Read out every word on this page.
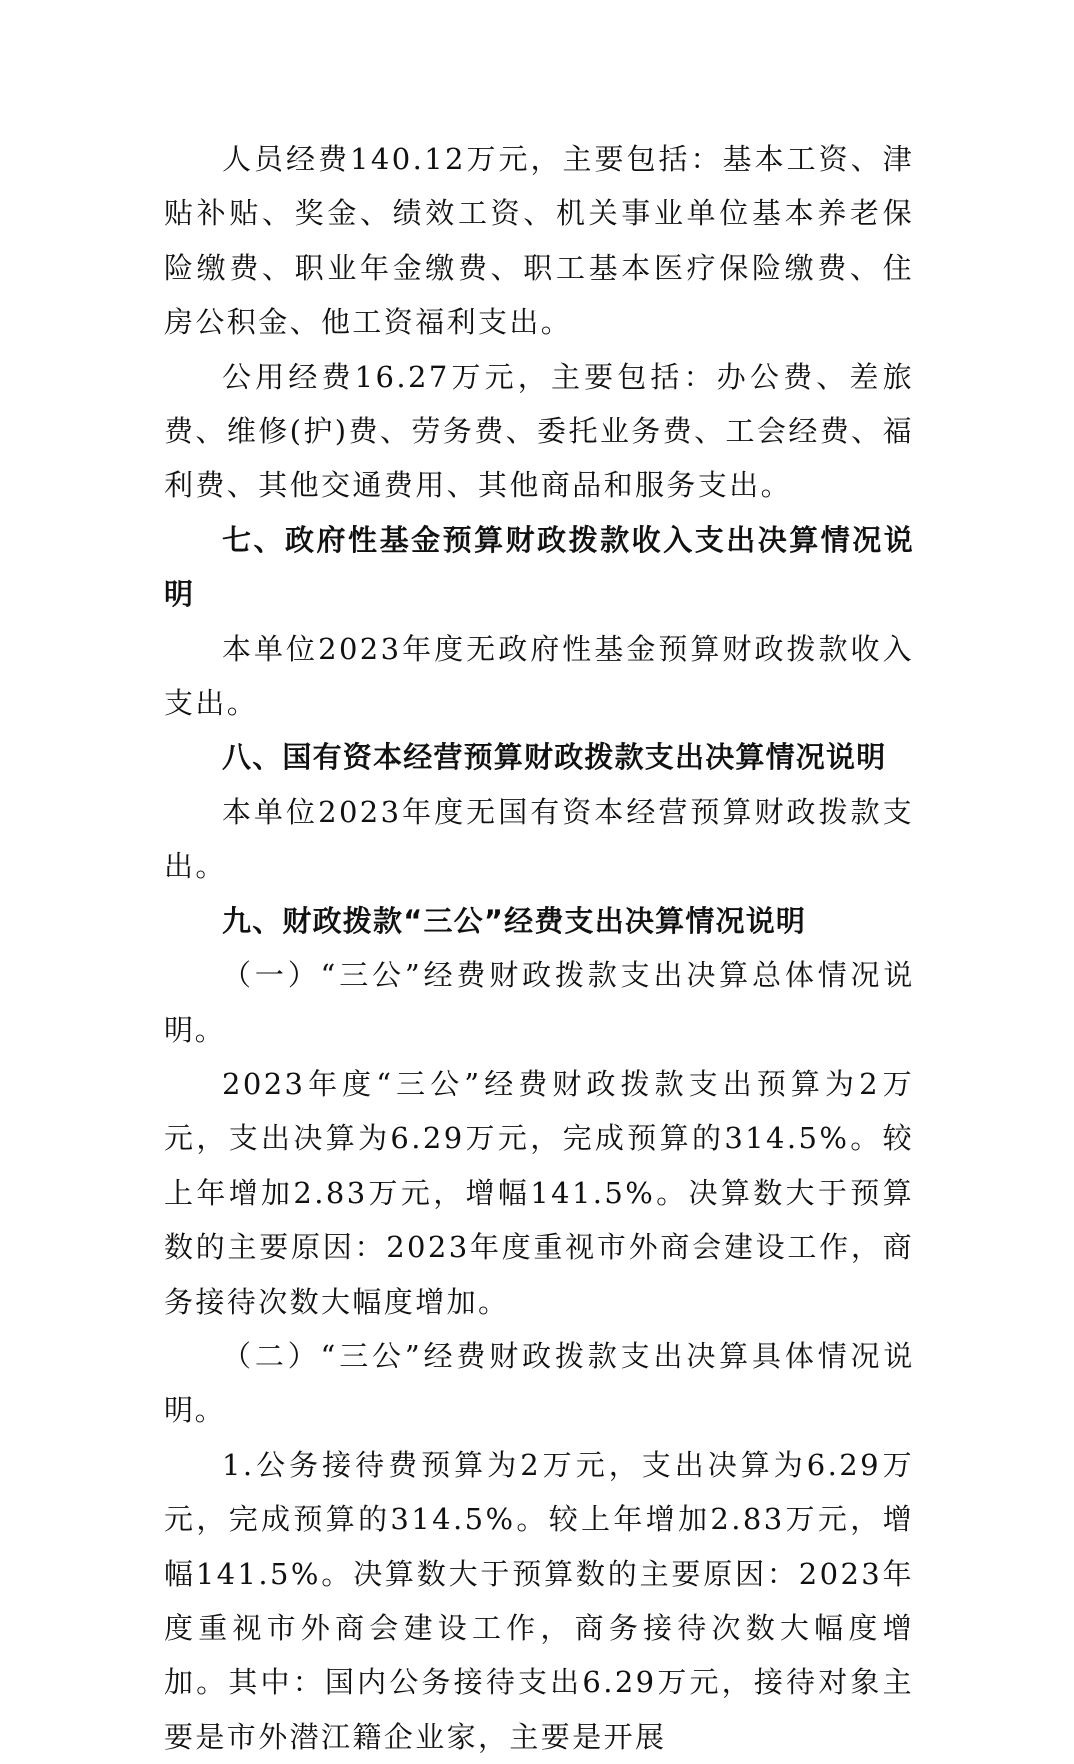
人员经费140.12万元，主要包括：基本工资、津贴补贴、奖金、绩效工资、机关事业单位基本养老保险缴费、职业年金缴费、职工基本医疗保险缴费、住房公积金、他工资福利支出。

公用经费16.27万元，主要包括：办公费、差旅费、维修(护)费、劳务费、委托业务费、工会经费、福利费、其他交通费用、其他商品和服务支出。

七、政府性基金预算财政拨款收入支出决算情况说明

本单位2023年度无政府性基金预算财政拨款收入支出。

八、国有资本经营预算财政拨款支出决算情况说明

本单位2023年度无国有资本经营预算财政拨款支出。

九、财政拨款“三公”经费支出决算情况说明

（一）“三公”经费财政拨款支出决算总体情况说明。

2023年度“三公”经费财政拨款支出预算为2万元，支出决算为6.29万元，完成预算的314.5%。较上年增加2.83万元，增幅141.5%。决算数大于预算数的主要原因：2023年度重视市外商会建设工作，商务接待次数大幅度增加。

（二）“三公”经费财政拨款支出决算具体情况说明。

1.公务接待费预算为2万元，支出决算为6.29万元，完成预算的314.5%。较上年增加2.83万元，增幅141.5%。决算数大于预算数的主要原因：2023年度重视市外商会建设工作，商务接待次数大幅度增加。其中：国内公务接待支出6.29万元，接待对象主要是市外潜江籍企业家，主要是开展
